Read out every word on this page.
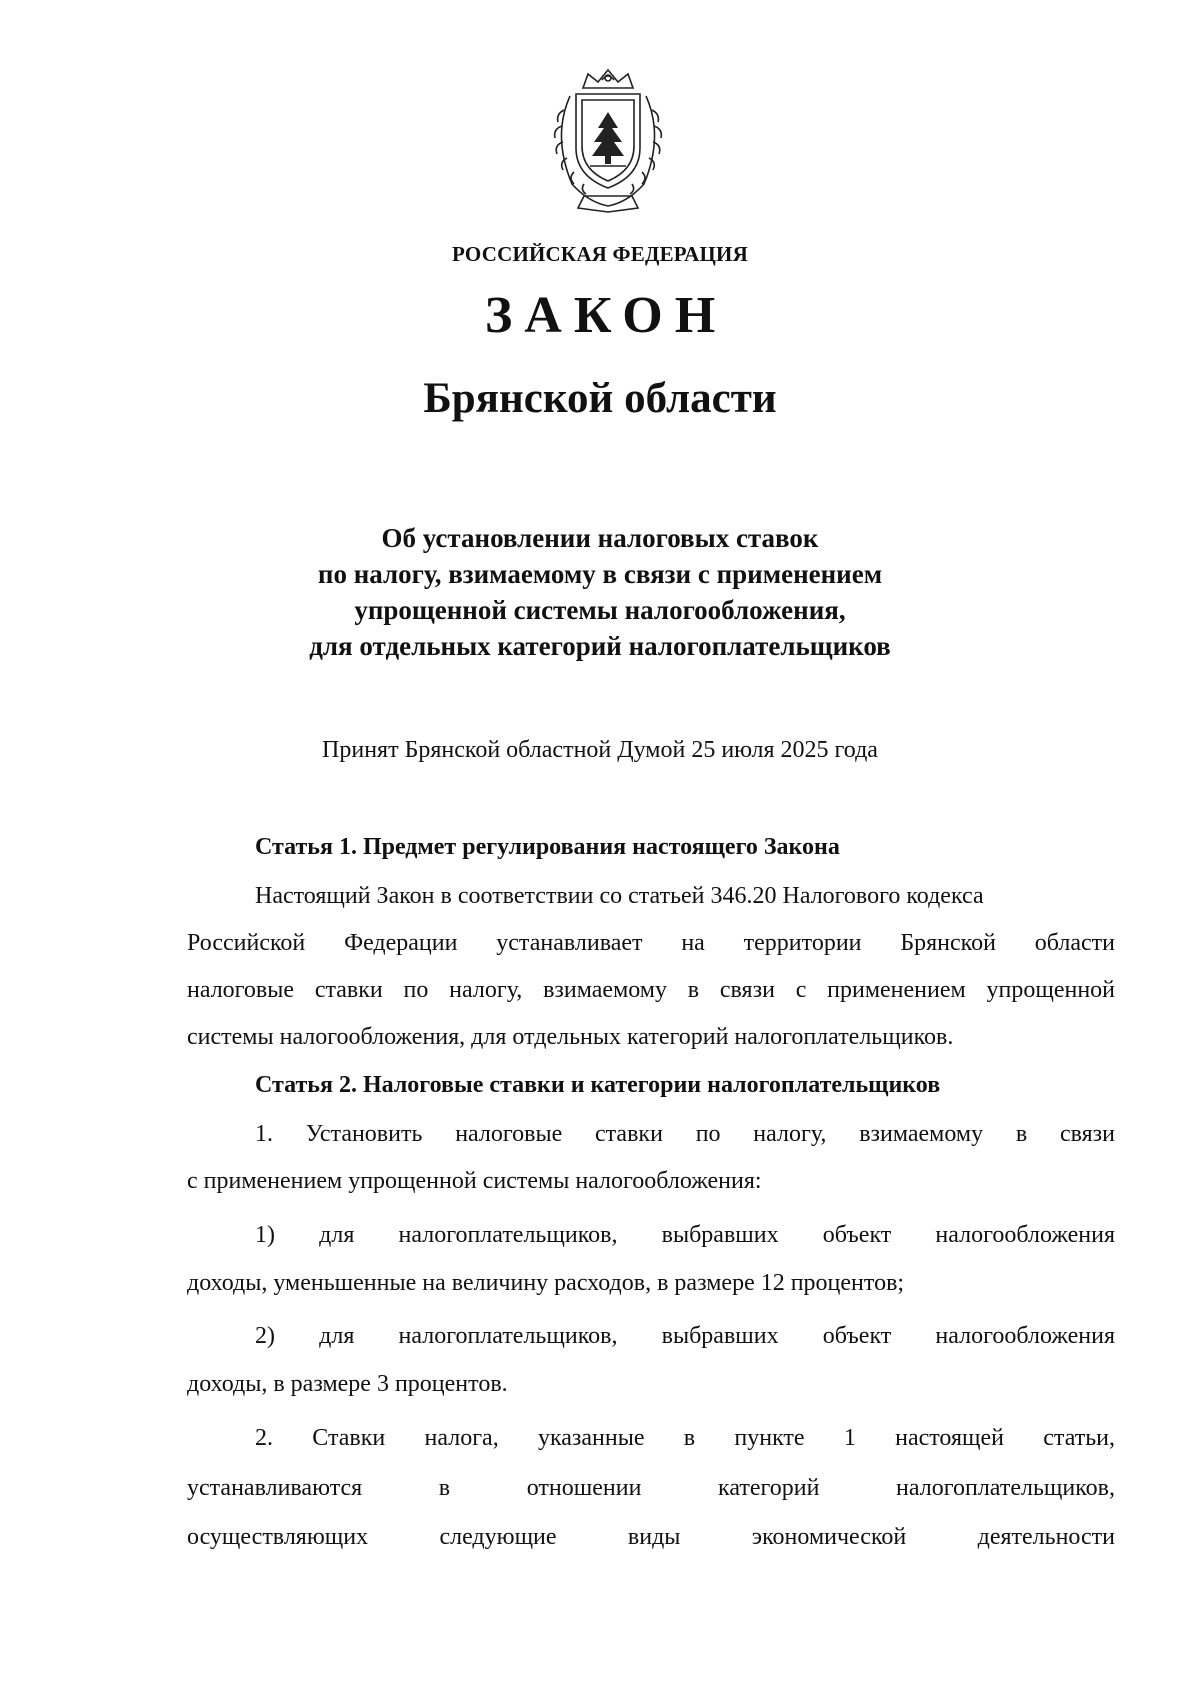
РОССИЙСКАЯ ФЕДЕРАЦИЯ
ЗАКОН
Брянской области
Об установлении налоговых ставок
по налогу, взимаемому в связи с применением
упрощенной системы налогообложения,
для отдельных категорий налогоплательщиков
Принят Брянской областной Думой 25 июля 2025 года
Статья 1. Предмет регулирования настоящего Закона
Настоящий Закон в соответствии со статьей 346.20 Налогового кодекса
Российской Федерации устанавливает на территории Брянской области
налоговые ставки по налогу, взимаемому в связи с применением упрощенной
системы налогообложения, для отдельных категорий налогоплательщиков.
Статья 2. Налоговые ставки и категории налогоплательщиков
1. Установить налоговые ставки по налогу, взимаемому в связи
с применением упрощенной системы налогообложения:
1) для налогоплательщиков, выбравших объект налогообложения
доходы, уменьшенные на величину расходов, в размере 12 процентов;
2) для налогоплательщиков, выбравших объект налогообложения
доходы, в размере 3 процентов.
2. Ставки налога, указанные в пункте 1 настоящей статьи,
устанавливаются в отношении категорий налогоплательщиков,
осуществляющих следующие виды экономической деятельности
